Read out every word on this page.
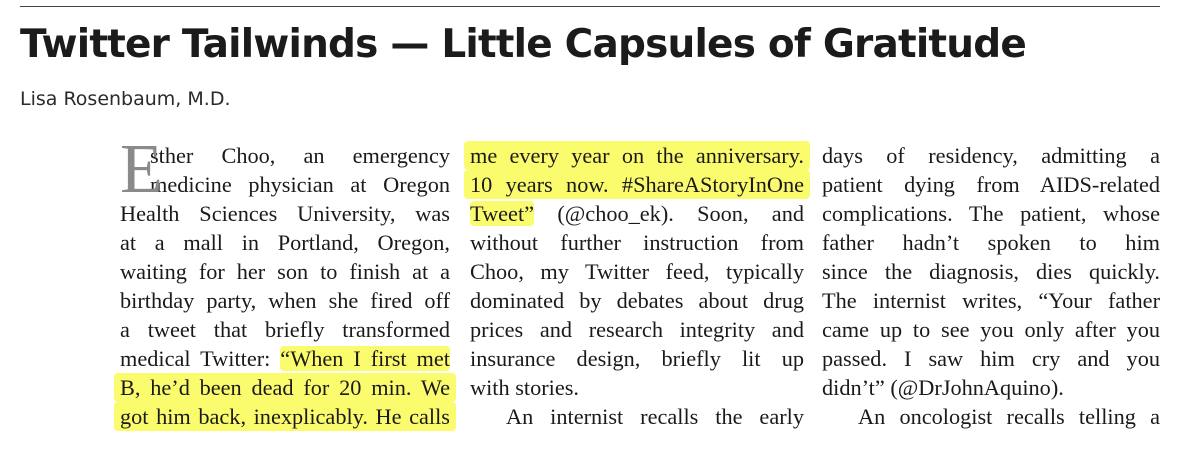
Twitter Tailwinds — Little Capsules of Gratitude
Lisa Rosenbaum, M.D.
E
sther Choo, an emergency
medicine physician at Oregon
Health Sciences University, was
at a mall in Portland, Oregon,
waiting for her son to finish at a
birthday party, when she fired off
a tweet that briefly transformed
medical Twitter: “When I first met
B, he’d been dead for 20 min. We
got him back, inexplicably. He calls
me every year on the anniversary.
10 years now. #ShareAStoryInOne
Tweet” (@choo_ek). Soon, and
without further instruction from
Choo, my Twitter feed, typically
dominated by debates about drug
prices and research integrity and
insurance design, briefly lit up
with stories.
An internist recalls the early
days of residency, admitting a
patient dying from AIDS-related
complications. The patient, whose
father hadn’t spoken to him
since the diagnosis, dies quickly.
The internist writes, “Your father
came up to see you only after you
passed. I saw him cry and you
didn’t” (@DrJohnAquino).
An oncologist recalls telling a
